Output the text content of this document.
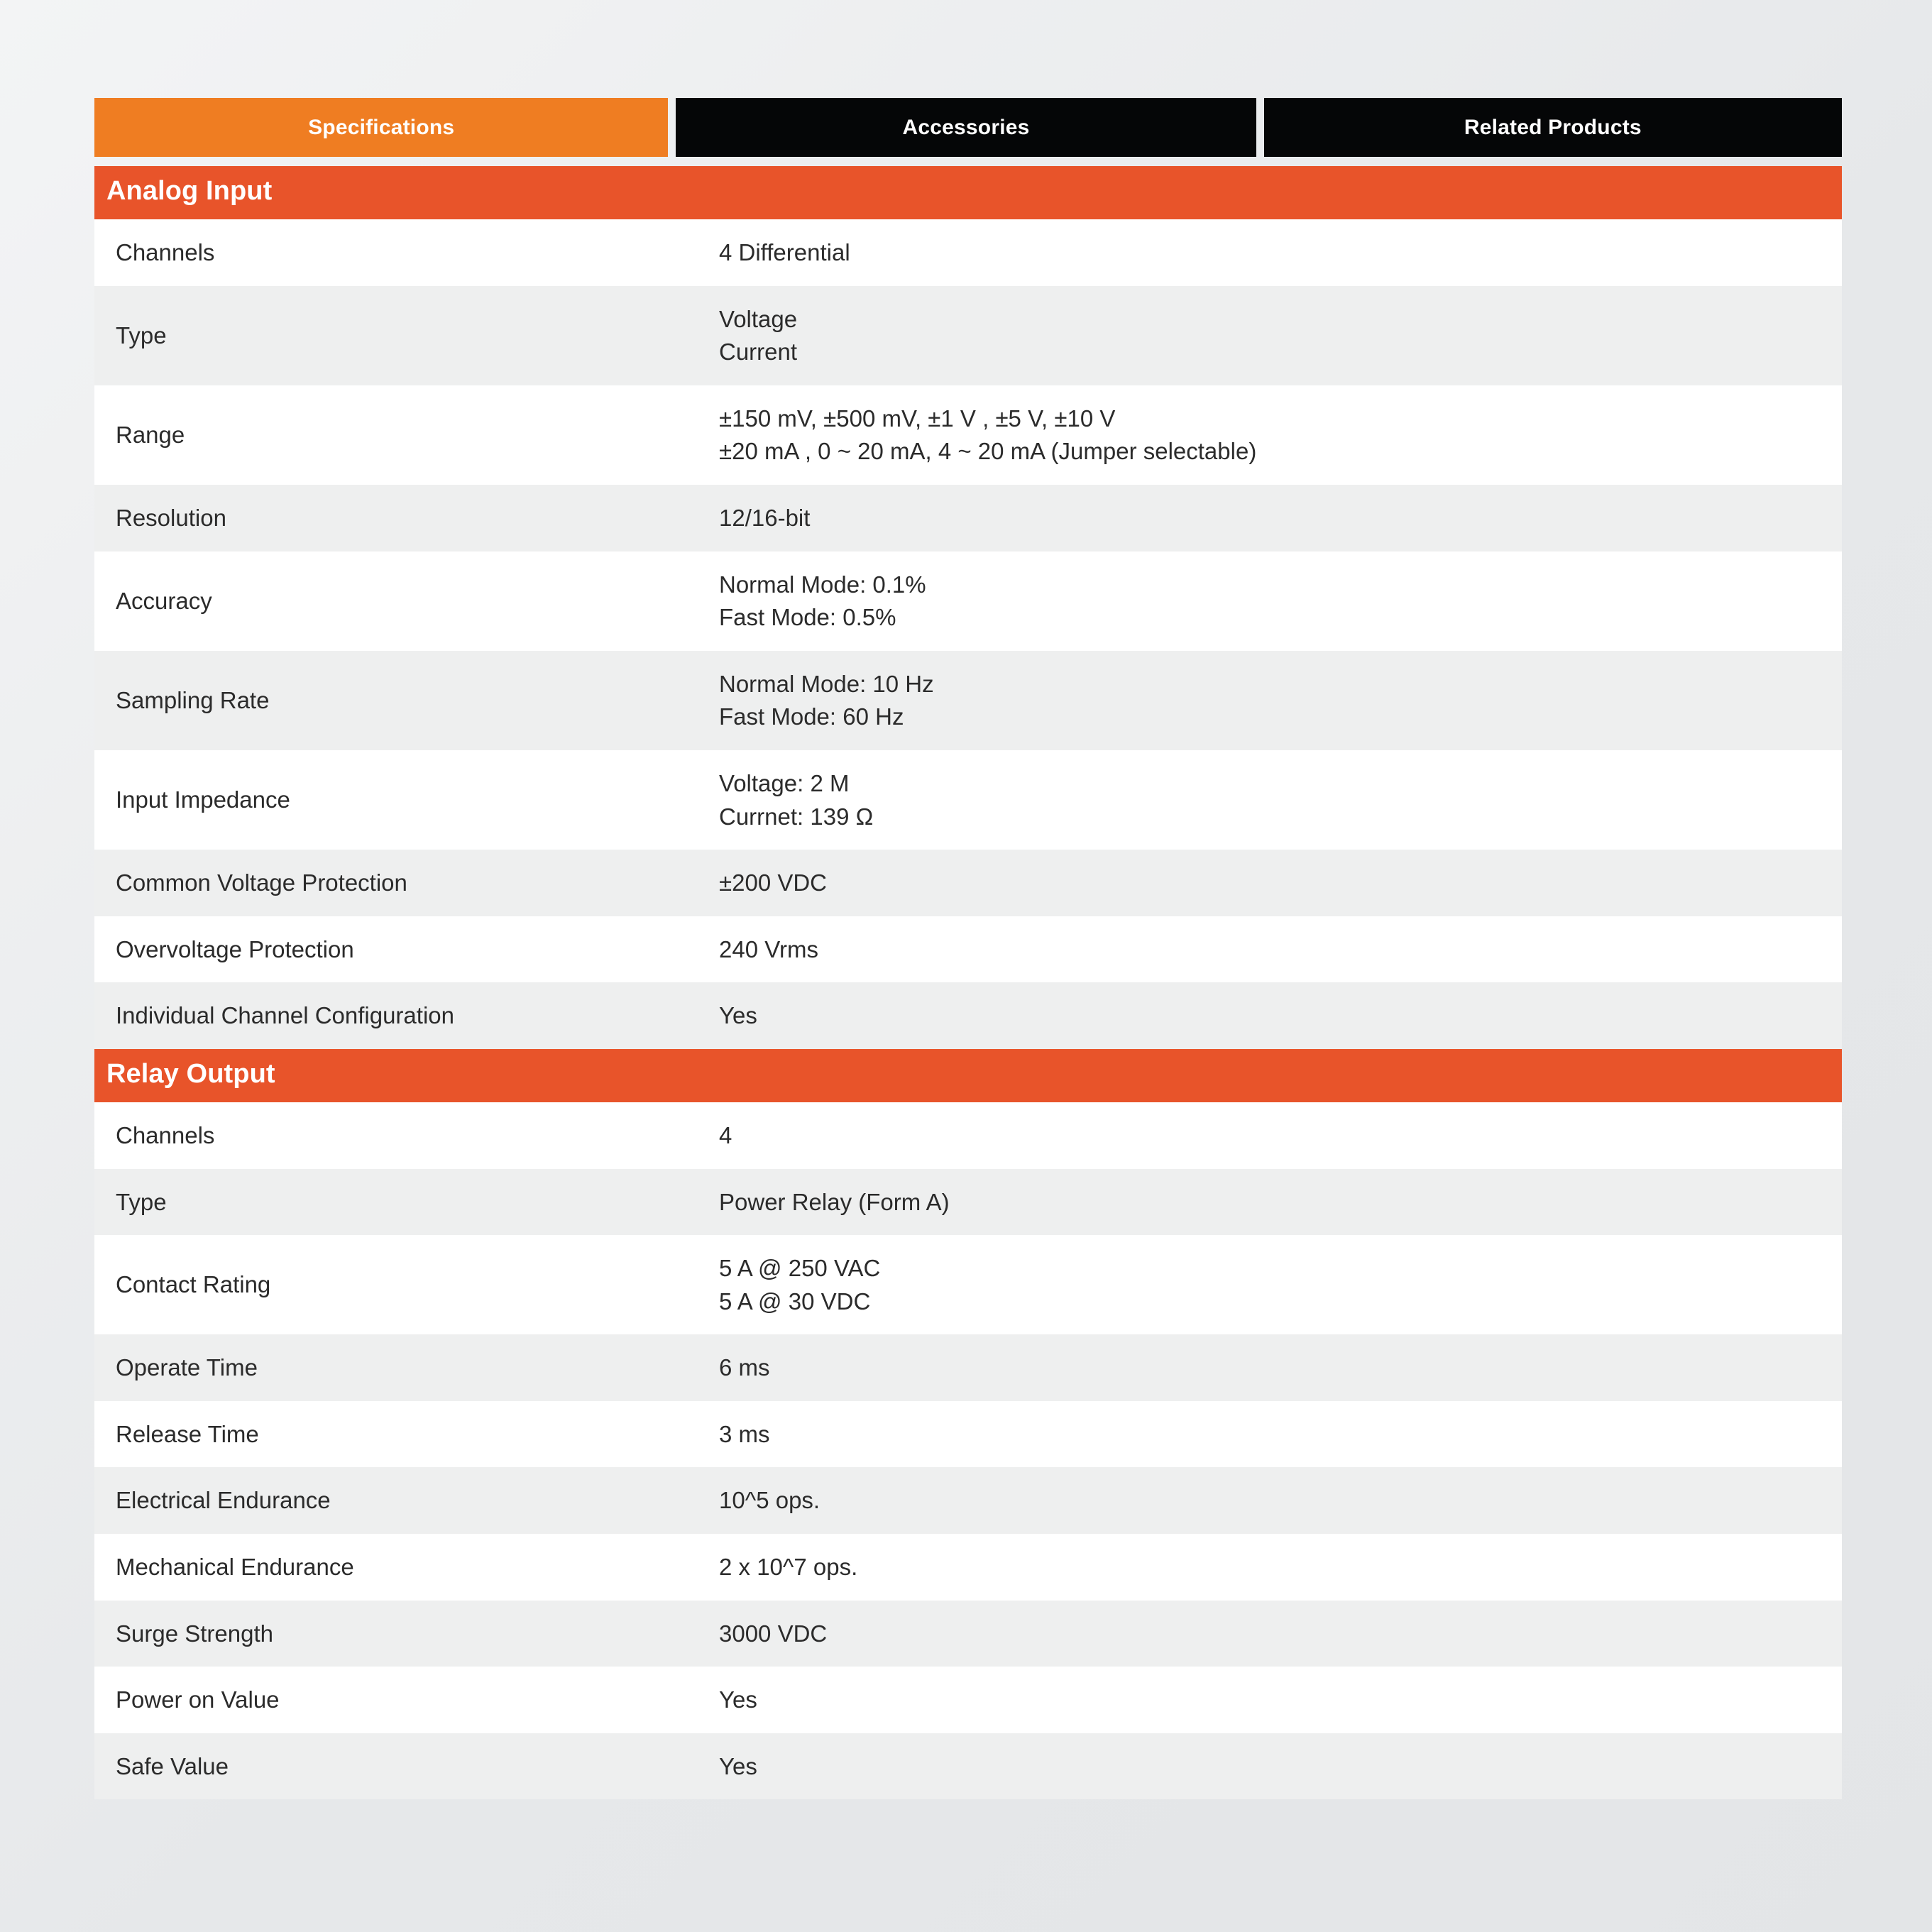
Specifications	Accessories	Related Products
Analog Input	
Channels	4 Differential

Type	Voltage
Current

Range	±150 mV, ±500 mV, ±1 V , ±5 V, ±10 V
±20 mA , 0 ~ 20 mA, 4 ~ 20 mA (Jumper selectable)

Resolution	12/16-bit

Accuracy	Normal Mode: 0.1%
Fast Mode: 0.5%

Sampling Rate	Normal Mode: 10 Hz
Fast Mode: 60 Hz

Input Impedance	Voltage: 2 M
Currnet: 139 Ω

Common Voltage Protection	±200 VDC

Overvoltage Protection	240 Vrms

Individual Channel Configuration	Yes

Relay Output	
Channels	4

Type	Power Relay (Form A)

Contact Rating	5 A @ 250 VAC
5 A @ 30 VDC

Operate Time	6 ms

Release Time	3 ms

Electrical Endurance	10^5 ops.

Mechanical Endurance	2 x 10^7 ops.

Surge Strength	3000 VDC

Power on Value	Yes

Safe Value	Yes
